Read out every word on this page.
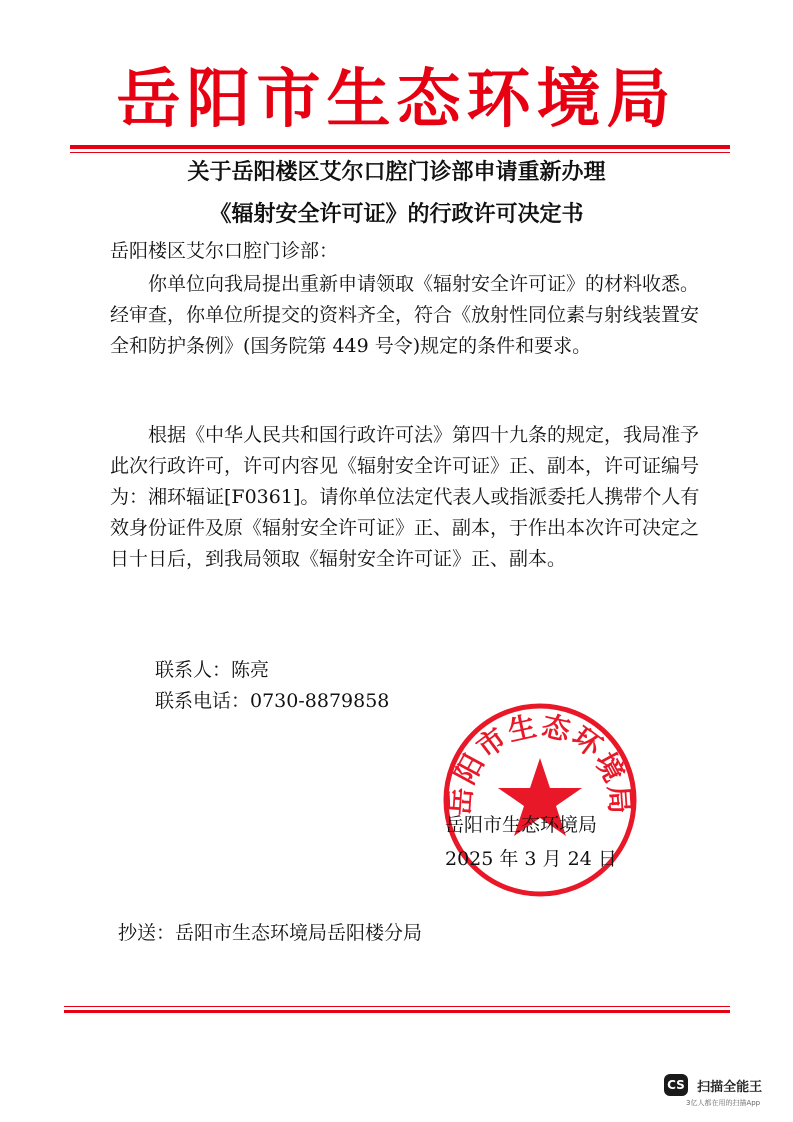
岳阳市生态环境局
关于岳阳楼区艾尔口腔门诊部申请重新办理
《辐射安全许可证》的行政许可决定书
岳阳楼区艾尔口腔门诊部：
你单位向我局提出重新申请领取《辐射安全许可证》的材料收悉。经审查，你单位所提交的资料齐全，符合《放射性同位素与射线装置安全和防护条例》(国务院第 449 号令)规定的条件和要求。
根据《中华人民共和国行政许可法》第四十九条的规定，我局准予此次行政许可，许可内容见《辐射安全许可证》正、副本，许可证编号为：湘环辐证[F0361]。请你单位法定代表人或指派委托人携带个人有效身份证件及原《辐射安全许可证》正、副本，于作出本次许可决定之日十日后，到我局领取《辐射安全许可证》正、副本。
联系人：陈亮
联系电话：0730-8879858
岳阳市生态环境局
岳阳市生态环境局
2025 年 3 月 24 日
抄送：岳阳市生态环境局岳阳楼分局
CS 扫描全能王
3亿人都在用的扫描App
